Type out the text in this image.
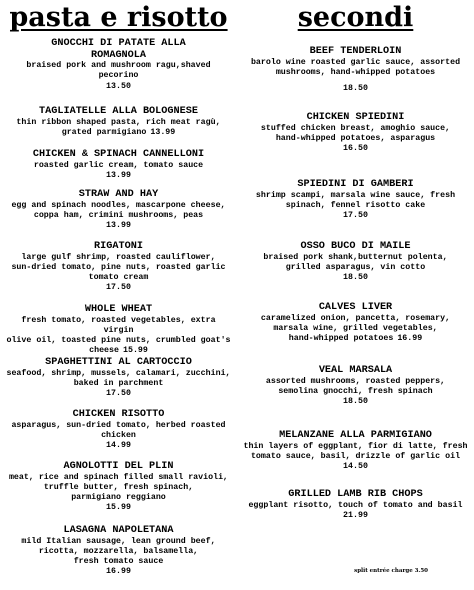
pasta e risotto
GNOCCHI DI PATATE ALLA
ROMAGNOLA
braised pork and mushroom ragu,shaved
pecorino
13.50
TAGLIATELLE ALLA BOLOGNESE
thin ribbon shaped pasta, rich meat ragù,
grated parmigiano 13.99
CHICKEN & SPINACH CANNELLONI
roasted garlic cream, tomato sauce
13.99
STRAW AND HAY
egg and spinach noodles, mascarpone cheese,
coppa ham, crimini mushrooms, peas
13.99
RIGATONI
large gulf shrimp, roasted cauliflower,
sun-dried tomato, pine nuts, roasted garlic
tomato cream
17.50
WHOLE WHEAT
fresh tomato, roasted vegetables, extra virgin
olive oil, toasted pine nuts, crumbled goat's
cheese 15.99
SPAGHETTINI AL CARTOCCIO
seafood, shrimp, mussels, calamari, zucchini,
baked in parchment
17.50
CHICKEN RISOTTO
asparagus, sun-dried tomato, herbed roasted
chicken
14.99
AGNOLOTTI DEL PLIN
meat, rice and spinach filled small ravioli,
truffle butter, fresh spinach,
parmigiano reggiano
15.99
LASAGNA NAPOLETANA
mild Italian sausage, lean ground beef,
ricotta, mozzarella, balsamella,
fresh tomato sauce
16.99
secondi
BEEF TENDERLOIN
barolo wine roasted garlic sauce, assorted
mushrooms, hand-whipped potatoes
18.50
CHICKEN SPIEDINI
stuffed chicken breast, amoghio sauce,
hand-whipped potatoes, asparagus
16.50
SPIEDINI DI GAMBERI
shrimp scampi, marsala wine sauce, fresh
spinach, fennel risotto cake
17.50
OSSO BUCO DI MAILE
braised pork shank,butternut polenta,
grilled asparagus, vin cotto
18.50
CALVES LIVER
caramelized onion, pancetta, rosemary,
marsala wine, grilled vegetables,
hand-whipped potatoes 16.99
VEAL MARSALA
assorted mushrooms, roasted peppers,
semolina gnocchi, fresh spinach
18.50
MELANZANE ALLA PARMIGIANO
thin layers of eggplant, fior di latte, fresh
tomato sauce, basil, drizzle of garlic oil
14.50
GRILLED LAMB RIB CHOPS
eggplant risotto, touch of tomato and basil
21.99
split entrée charge 3.50
